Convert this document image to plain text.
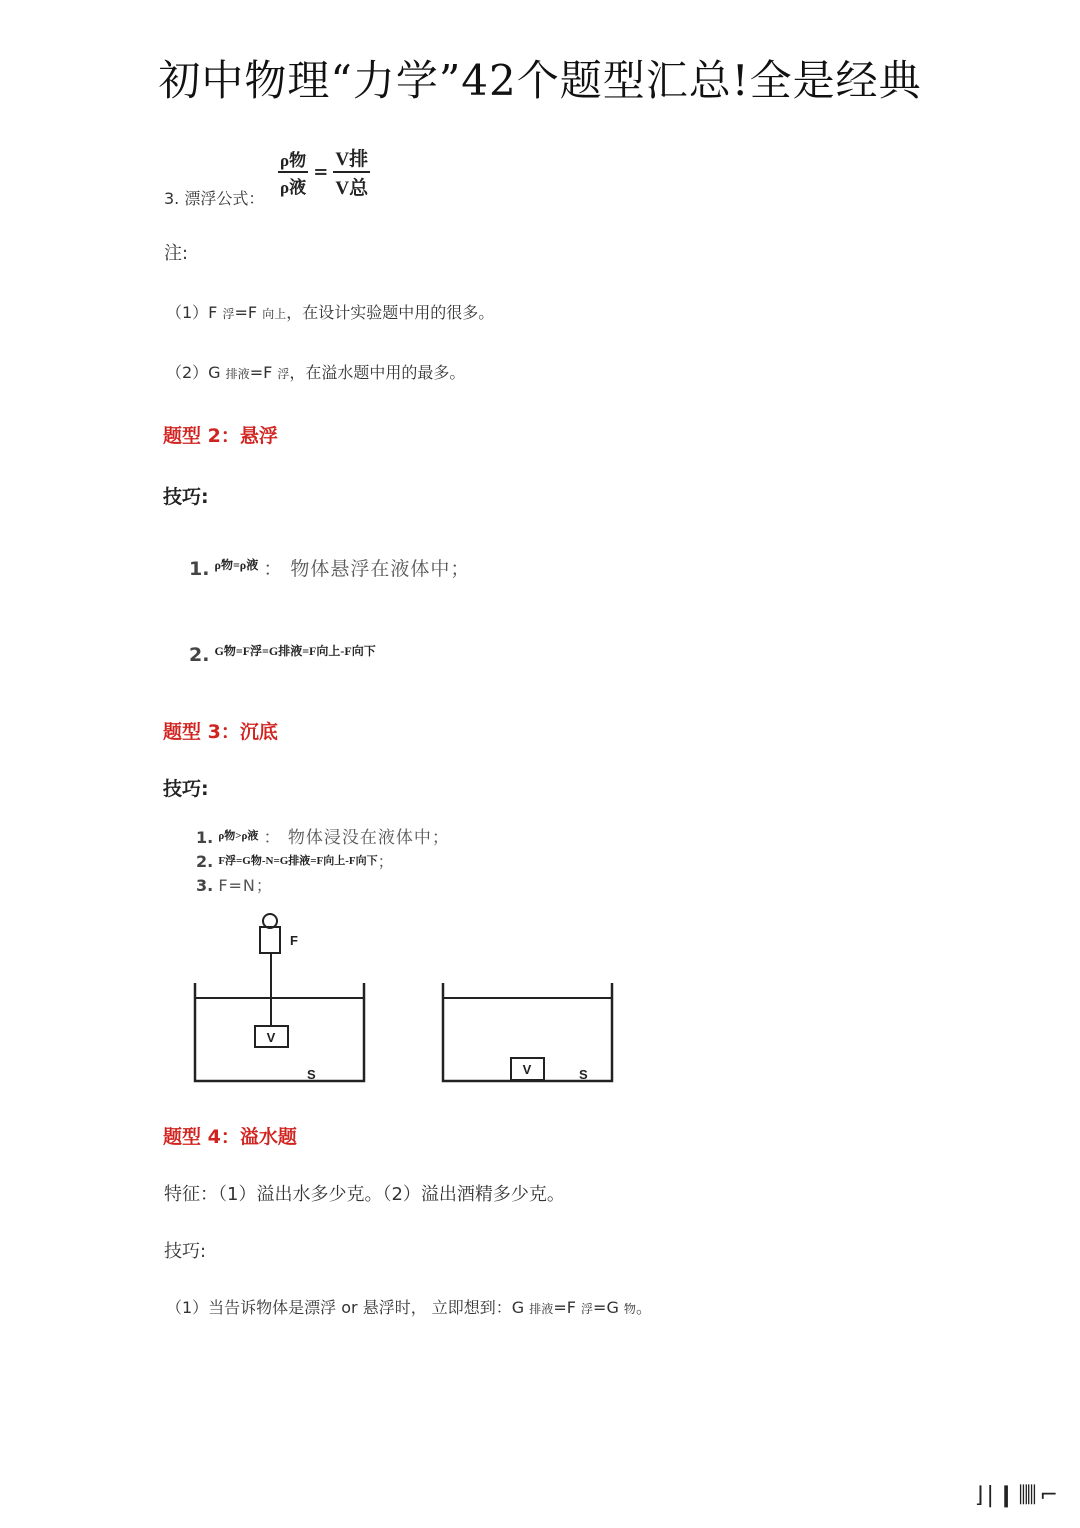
初中物理“力学”42个题型汇总!全是经典
3. 漂浮公式：
$\frac{\text{ρ物}}{\text{ρ液}} = \frac{\text{V排}}{\text{V总}}$
注:
（1）F 浮=F 向上，在设计实验题中用的很多。
（2）G 排液=F 浮，在溢水题中用的最多。
题型 2：悬浮
技巧:
1. $^{\rho 物=\rho 液}$ ： 物体悬浮在液体中；
2. $^{G物=F浮=G排液=F向上-F向下}$
题型 3：沉底
技巧:
1. $^{\rho 物>\rho 液}$ ： 物体浸没在液体中；
2. F浮=G物-N=G排液=F向上-F向下；
3. F=N；
V
F
S	V	S
题型 4：溢水题
特征：（1）溢出水多少克。（2）溢出酒精多少克。
技巧:
（1）当告诉物体是漂浮 or 悬浮时， 立即想到：G 排液=F 浮=G 物。
⌋ | ❙ ⫼⫼ ⌐
